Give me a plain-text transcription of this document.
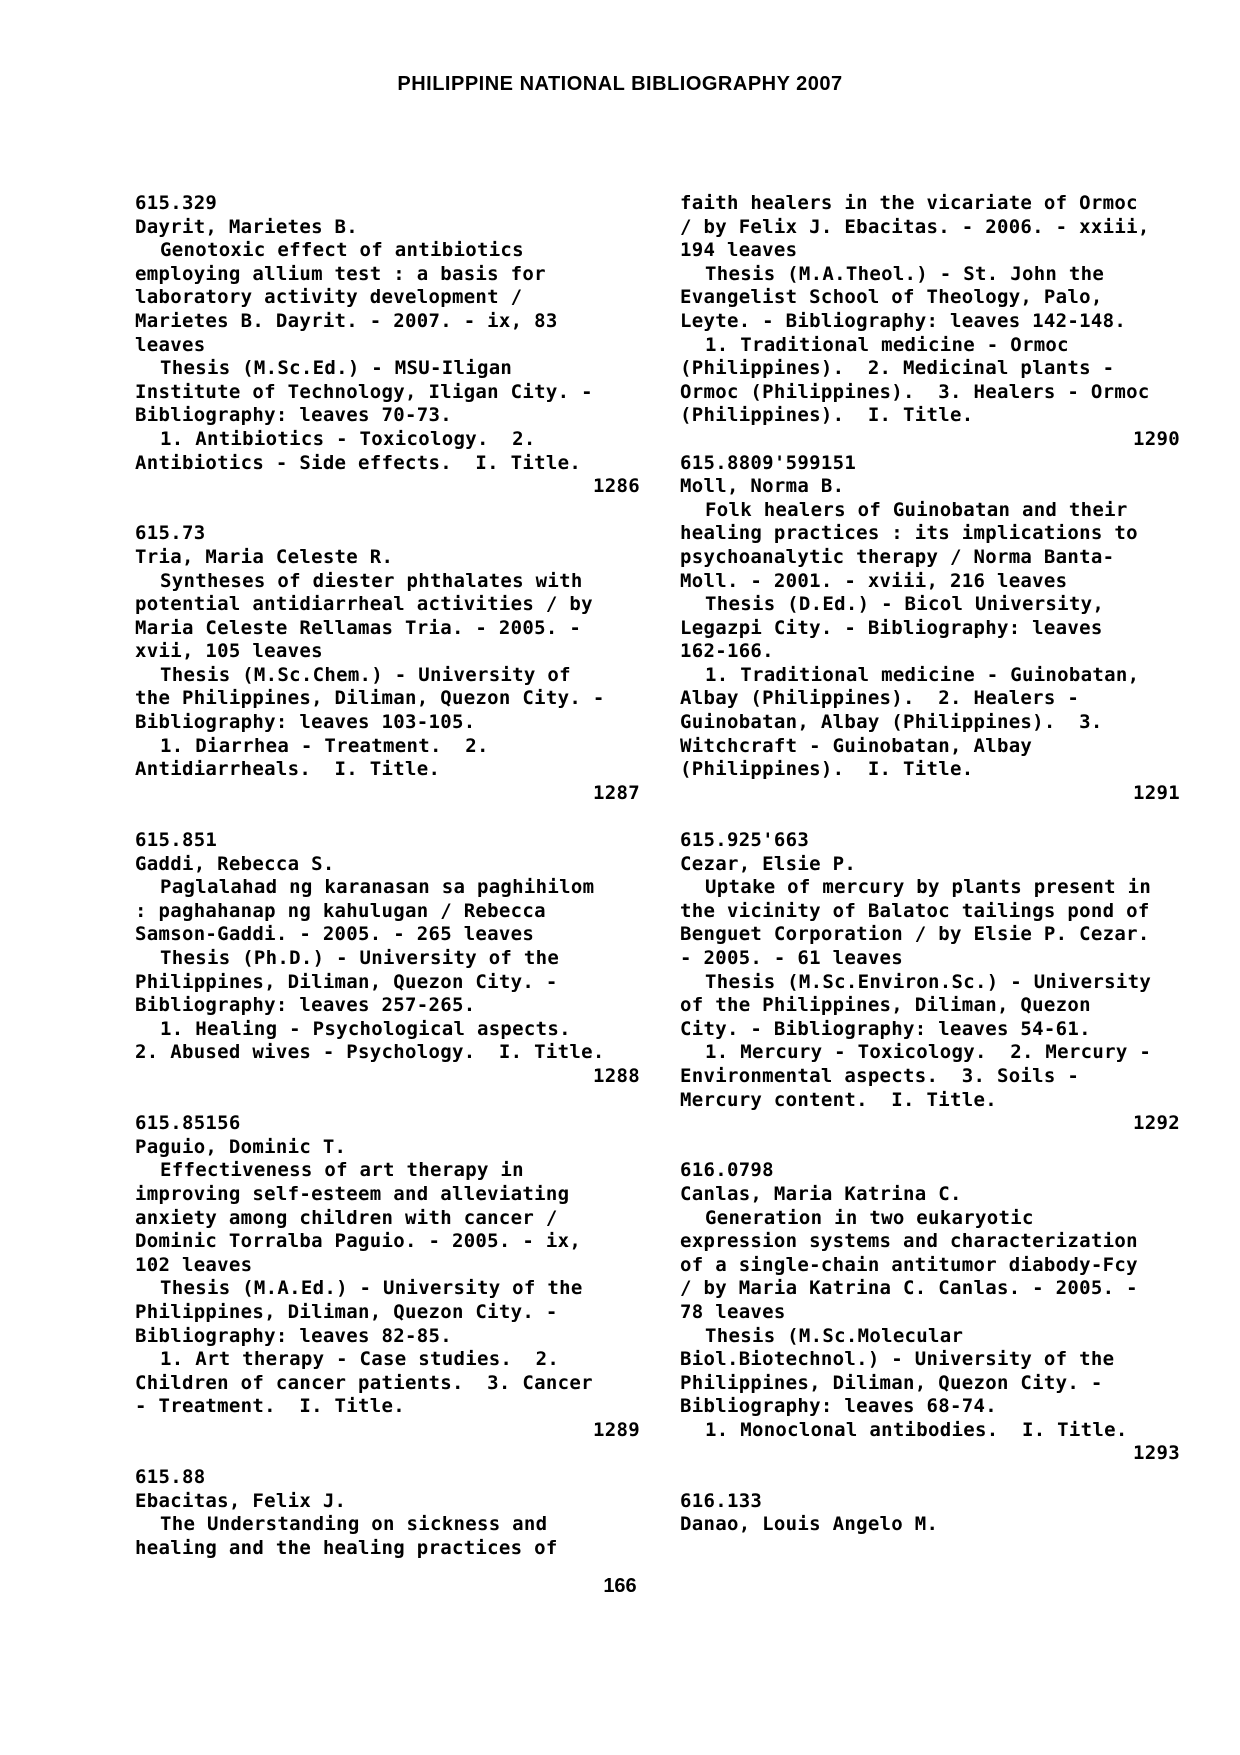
PHILIPPINE NATIONAL BIBLIOGRAPHY 2007
615.329
Dayrit, Marietes B.
Genotoxic effect of antibiotics
employing allium test : a basis for
laboratory activity development /
Marietes B. Dayrit. - 2007. - ix, 83
leaves
Thesis (M.Sc.Ed.) - MSU-Iligan
Institute of Technology, Iligan City. -
Bibliography: leaves 70-73.
1. Antibiotics - Toxicology.  2.
Antibiotics - Side effects.  I. Title.
1286
615.73
Tria, Maria Celeste R.
Syntheses of diester phthalates with
potential antidiarrheal activities / by
Maria Celeste Rellamas Tria. - 2005. -
xvii, 105 leaves
Thesis (M.Sc.Chem.) - University of
the Philippines, Diliman, Quezon City. -
Bibliography: leaves 103-105.
1. Diarrhea - Treatment.  2.
Antidiarrheals.  I. Title.
1287
615.851
Gaddi, Rebecca S.
Paglalahad ng karanasan sa paghihilom
: paghahanap ng kahulugan / Rebecca
Samson-Gaddi. - 2005. - 265 leaves
Thesis (Ph.D.) - University of the
Philippines, Diliman, Quezon City. -
Bibliography: leaves 257-265.
1. Healing - Psychological aspects.
2. Abused wives - Psychology.  I. Title.
1288
615.85156
Paguio, Dominic T.
Effectiveness of art therapy in
improving self-esteem and alleviating
anxiety among children with cancer /
Dominic Torralba Paguio. - 2005. - ix,
102 leaves
Thesis (M.A.Ed.) - University of the
Philippines, Diliman, Quezon City. -
Bibliography: leaves 82-85.
1. Art therapy - Case studies.  2.
Children of cancer patients.  3. Cancer
- Treatment.  I. Title.
1289
615.88
Ebacitas, Felix J.
The Understanding on sickness and
healing and the healing practices of
faith healers in the vicariate of Ormoc
/ by Felix J. Ebacitas. - 2006. - xxiii,
194 leaves
Thesis (M.A.Theol.) - St. John the
Evangelist School of Theology, Palo,
Leyte. - Bibliography: leaves 142-148.
1. Traditional medicine - Ormoc
(Philippines).  2. Medicinal plants -
Ormoc (Philippines).  3. Healers - Ormoc
(Philippines).  I. Title.
1290
615.8809'599151
Moll, Norma B.
Folk healers of Guinobatan and their
healing practices : its implications to
psychoanalytic therapy / Norma Banta-
Moll. - 2001. - xviii, 216 leaves
Thesis (D.Ed.) - Bicol University,
Legazpi City. - Bibliography: leaves
162-166.
1. Traditional medicine - Guinobatan,
Albay (Philippines).  2. Healers -
Guinobatan, Albay (Philippines).  3.
Witchcraft - Guinobatan, Albay
(Philippines).  I. Title.
1291
615.925'663
Cezar, Elsie P.
Uptake of mercury by plants present in
the vicinity of Balatoc tailings pond of
Benguet Corporation / by Elsie P. Cezar.
- 2005. - 61 leaves
Thesis (M.Sc.Environ.Sc.) - University
of the Philippines, Diliman, Quezon
City. - Bibliography: leaves 54-61.
1. Mercury - Toxicology.  2. Mercury -
Environmental aspects.  3. Soils -
Mercury content.  I. Title.
1292
616.0798
Canlas, Maria Katrina C.
Generation in two eukaryotic
expression systems and characterization
of a single-chain antitumor diabody-Fcy
/ by Maria Katrina C. Canlas. - 2005. -
78 leaves
Thesis (M.Sc.Molecular
Biol.Biotechnol.) - University of the
Philippines, Diliman, Quezon City. -
Bibliography: leaves 68-74.
1. Monoclonal antibodies.  I. Title.
1293
616.133
Danao, Louis Angelo M.
166
